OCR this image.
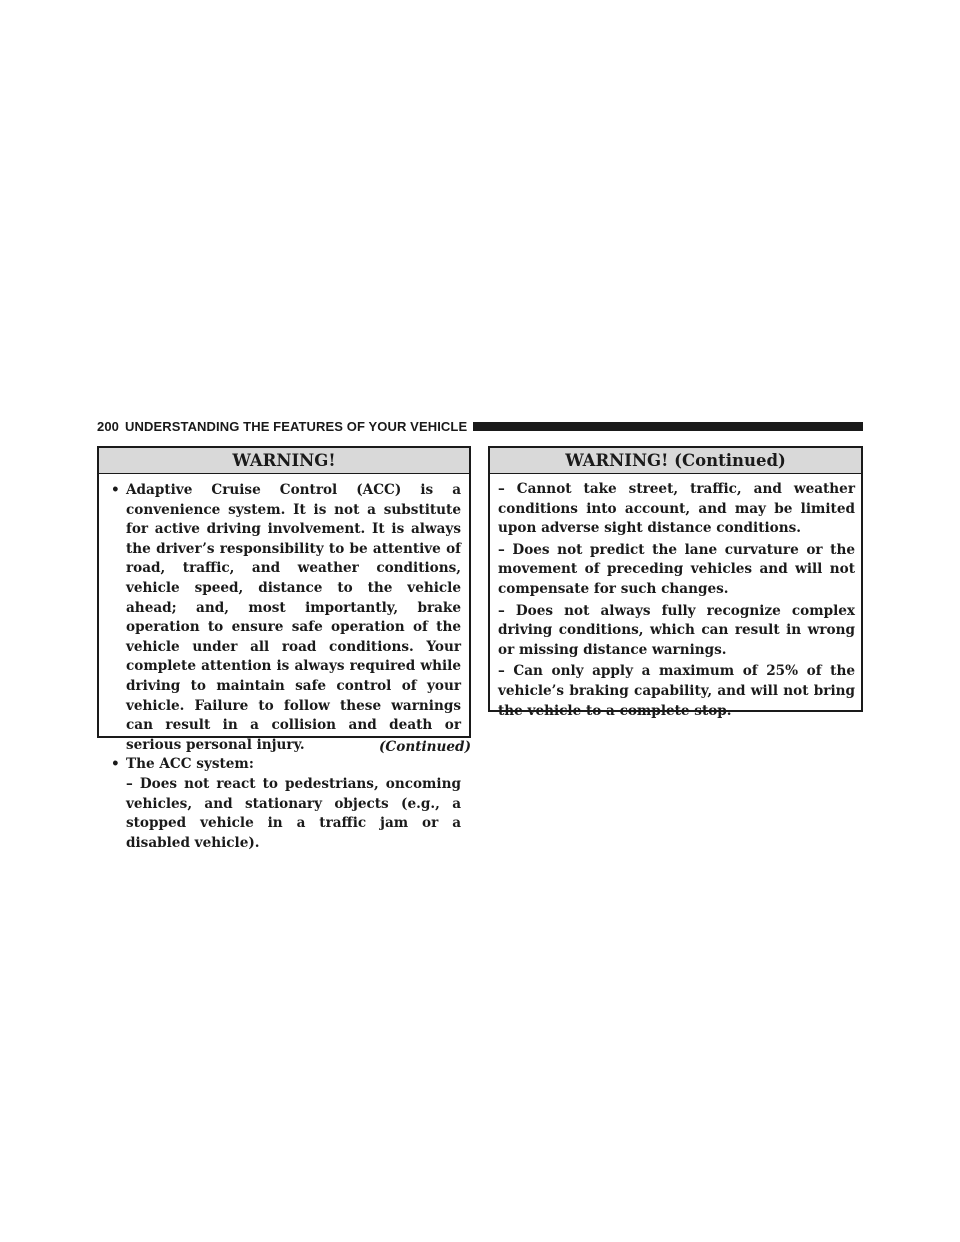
200 UNDERSTANDING THE FEATURES OF YOUR VEHICLE
WARNING!
• Adaptive Cruise Control (ACC) is a convenience system. It is not a substitute for active driving involvement. It is always the driver’s responsibility to be attentive of road, traffic, and weather conditions, vehicle speed, distance to the vehicle ahead; and, most importantly, brake operation to ensure safe operation of the vehicle under all road conditions. Your complete attention is always required while driving to maintain safe control of your vehicle. Failure to follow these warnings can result in a collision and death or serious personal injury.
• The ACC system:
– Does not react to pedestrians, oncoming vehicles, and stationary objects (e.g., a stopped vehicle in a traffic jam or a disabled vehicle).
(Continued)
WARNING! (Continued)
– Cannot take street, traffic, and weather conditions into account, and may be limited upon adverse sight distance conditions.
– Does not predict the lane curvature or the movement of preceding vehicles and will not compensate for such changes.
– Does not always fully recognize complex driving conditions, which can result in wrong or missing distance warnings.
– Can only apply a maximum of 25% of the vehicle’s braking capability, and will not bring the vehicle to a complete stop.
